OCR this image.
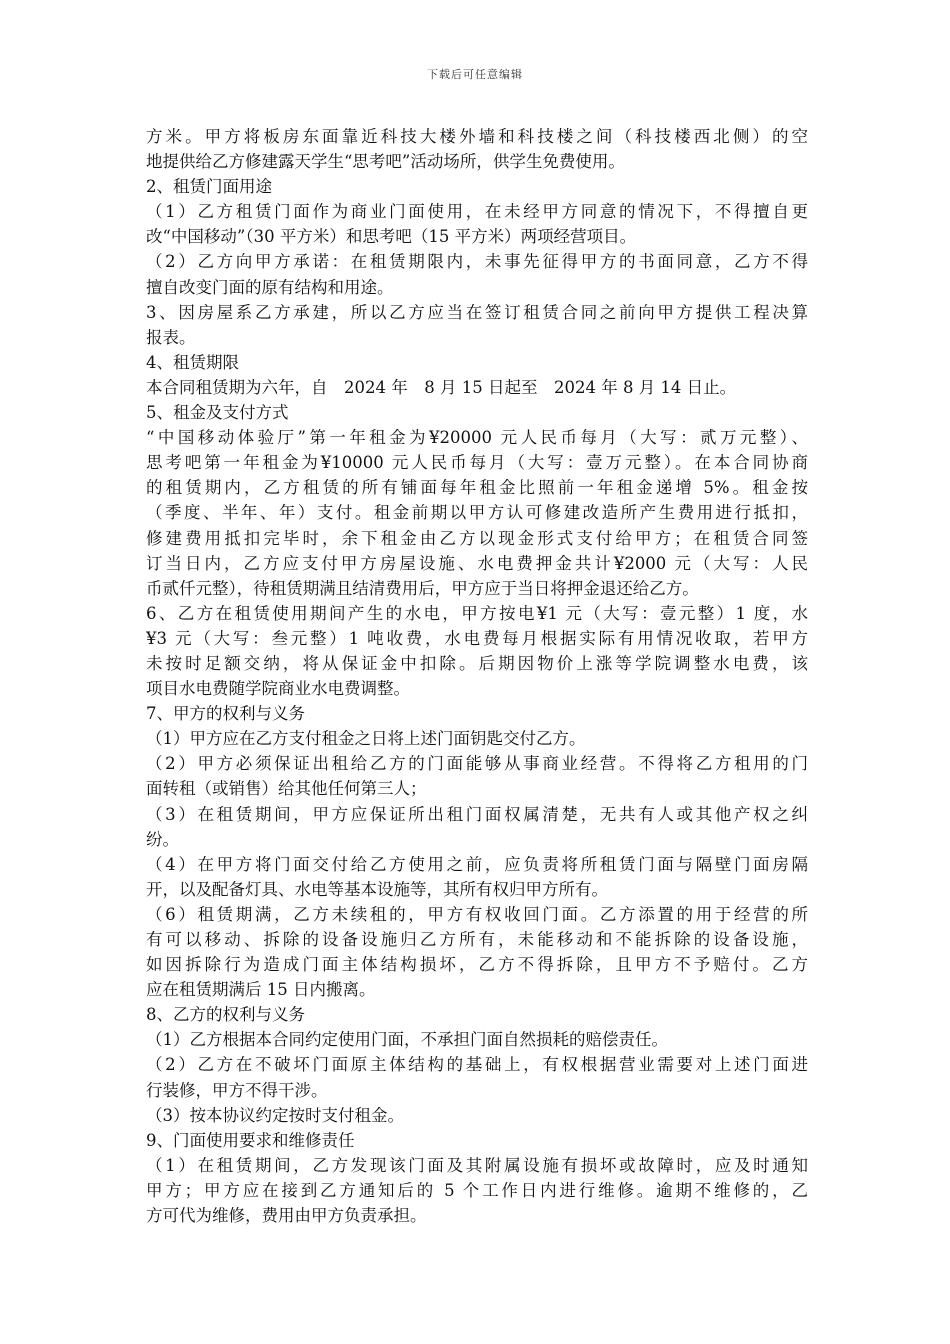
下载后可任意编辑
方米。甲方将板房东面靠近科技大楼外墙和科技楼之间（科技楼西北侧）的空
地提供给乙方修建露天学生“思考吧”活动场所，供学生免费使用。
2、租赁门面用途
（1）乙方租赁门面作为商业门面使用，在未经甲方同意的情况下，不得擅自更
改“中国移动”（30 平方米）和思考吧（15 平方米）两项经营项目。
（2）乙方向甲方承诺：在租赁期限内，未事先征得甲方的书面同意，乙方不得
擅自改变门面的原有结构和用途。
3、因房屋系乙方承建，所以乙方应当在签订租赁合同之前向甲方提供工程决算
报表。
4、租赁期限
本合同租赁期为六年，自　2024 年　8 月 15 日起至　2024 年 8 月 14 日止。
5、租金及支付方式
“中国移动体验厅”第一年租金为¥20000 元人民币每月（大写：贰万元整）、
思考吧第一年租金为¥10000 元人民币每月（大写：壹万元整）。在本合同协商
的租赁期内，乙方租赁的所有铺面每年租金比照前一年租金递增 5%。租金按
（季度、半年、年）支付。租金前期以甲方认可修建改造所产生费用进行抵扣，
修建费用抵扣完毕时，余下租金由乙方以现金形式支付给甲方；在租赁合同签
订当日内，乙方应支付甲方房屋设施、水电费押金共计¥2000 元（大写：人民
币贰仟元整），待租赁期满且结清费用后，甲方应于当日将押金退还给乙方。
6、乙方在租赁使用期间产生的水电，甲方按电¥1 元（大写：壹元整）1 度，水
¥3 元（大写：叁元整）1 吨收费，水电费每月根据实际有用情况收取，若甲方
未按时足额交纳，将从保证金中扣除。后期因物价上涨等学院调整水电费，该
项目水电费随学院商业水电费调整。
7、甲方的权利与义务
（1）甲方应在乙方支付租金之日将上述门面钥匙交付乙方。
（2）甲方必须保证出租给乙方的门面能够从事商业经营。不得将乙方租用的门
面转租（或销售）给其他任何第三人；
（3）在租赁期间，甲方应保证所出租门面权属清楚，无共有人或其他产权之纠
纷。
（4）在甲方将门面交付给乙方使用之前，应负责将所租赁门面与隔壁门面房隔
开，以及配备灯具、水电等基本设施等，其所有权归甲方所有。
（6）租赁期满，乙方未续租的，甲方有权收回门面。乙方添置的用于经营的所
有可以移动、拆除的设备设施归乙方所有，未能移动和不能拆除的设备设施，
如因拆除行为造成门面主体结构损坏，乙方不得拆除，且甲方不予赔付。乙方
应在租赁期满后 15 日内搬离。
8、乙方的权利与义务
（1）乙方根据本合同约定使用门面，不承担门面自然损耗的赔偿责任。
（2）乙方在不破坏门面原主体结构的基础上，有权根据营业需要对上述门面进
行装修，甲方不得干涉。
（3）按本协议约定按时支付租金。
9、门面使用要求和维修责任
（1）在租赁期间，乙方发现该门面及其附属设施有损坏或故障时，应及时通知
甲方；甲方应在接到乙方通知后的 5 个工作日内进行维修。逾期不维修的，乙
方可代为维修，费用由甲方负责承担。
